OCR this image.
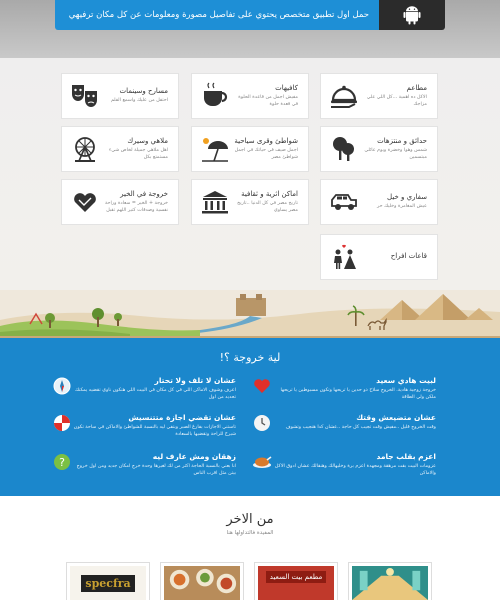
حمل اول تطبيق متخصص يحتوي على تفاصيل مصورة ومعلومات عن كل مكان ترفيهي
مطاعم
الاكل ده اهمية ...كل اللي علي مزاجك
كافيهات
مفيش اجمل من قاعدة الحلوة في قعدة حلوة
مسارح وسينمات
احتفل من عليك واسمع الفلم
حدائق و منتزهات
شمس وهوا وخضرة ويوم عائلي مبتسمين
شواطئ وقرى سياحية
اجمل صيف في حياتك في اجمل شواطئ مصر
ملاهي وسيرك
اهل ملاهي جميلة لخاص شيء مستمتع بكل
سفاري و خيل
عيش المغامرة وخليك حر
اماكن اثرية و ثقافية
تاريخ مصر في كل الدنيا ..تاريخ مصر يساوي
خروجة في الخير
خروجة + الخير = سعادة وراحة نفسية وصدقات كتير اللهم تقبل
قاعات افراح
لية خروجة ؟!
لبيت هادي سعيد
خروجة زوجية هادية. الخروج سلاح ذو حدين يا تريحها وتكون مسبوطين يا تريحها ملكن ولي الطاقة
عشان متضيعش وقتك
وقت الخروج قليل ..مفيش وقت تجيب كل حاجة ..عشان كدا هنجيب وتشوف
اعزم بقلب جامد
عزومات البيت بقت مرهقة ومجهدة اعزم برة وخليهالك وهنقالك عشان ادوق الاكل والاماكن
عشان لا تلف ولا تحتار
اعرف وشوف الاماكن اللي في كل مكان في البيت اللي هتكون ناوي تقضيه يمكنك تحديد من اول
عشان تقضي اجازة متتنسيش
تاستني الاجازات بفارغ الصبر وبتفي ليه بالنسبة للشواطئ والاماكن في ساحة تكون شيرخ للراحة وتقضيها بالسعادة
زهقان ومش عارف ليه
انا بعني بالنسبة الحاجة اكثر من لك لغيرها وحدة خرج امكان جديد ومن اول خروج بيتن مثل اقرب الناس
?
من الاخر
المفيدة فالتداولها هنا
specfra	مطعم بيت السعيد
